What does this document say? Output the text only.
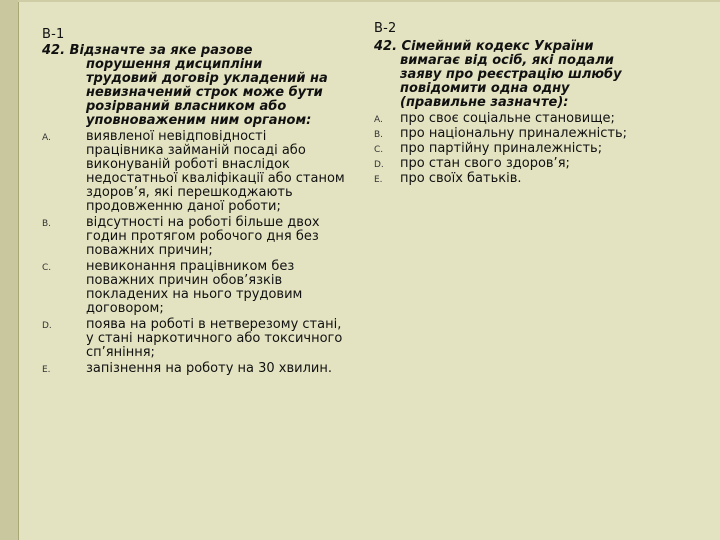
В-1
42. Відзначте за яке разове
порушення дисципліни трудовий договір укладений на невизначений строк може бути розірваний власником або уповноваженим ним органом:
A.	виявленої невідповідності працівника займаній посаді або виконуваній роботі внаслідок недостатньої кваліфікації або станом здоров’я, які перешкоджають продовженню даної роботи;
B.	відсутності на роботі більше двох годин протягом робочого дня без поважних причин;
C.	невиконання працівником без поважних причин обов’язків покладених на нього трудовим договором;
D.	поява на роботі в нетверезому стані, у стані наркотичного або токсичного сп’яніння;
E.	запізнення на роботу на 30 хвилин.
В-2
42. Сімейний кодекс України
вимагає від осіб, які подали
заяву про реєстрацію шлюбу
повідомити одна одну
(правильне зазначте):
A. про своє соціальне становище;
B. про національну приналежність;
C. про партійну приналежність;
D. про стан свого здоров’я;
E. про своїх батьків.
